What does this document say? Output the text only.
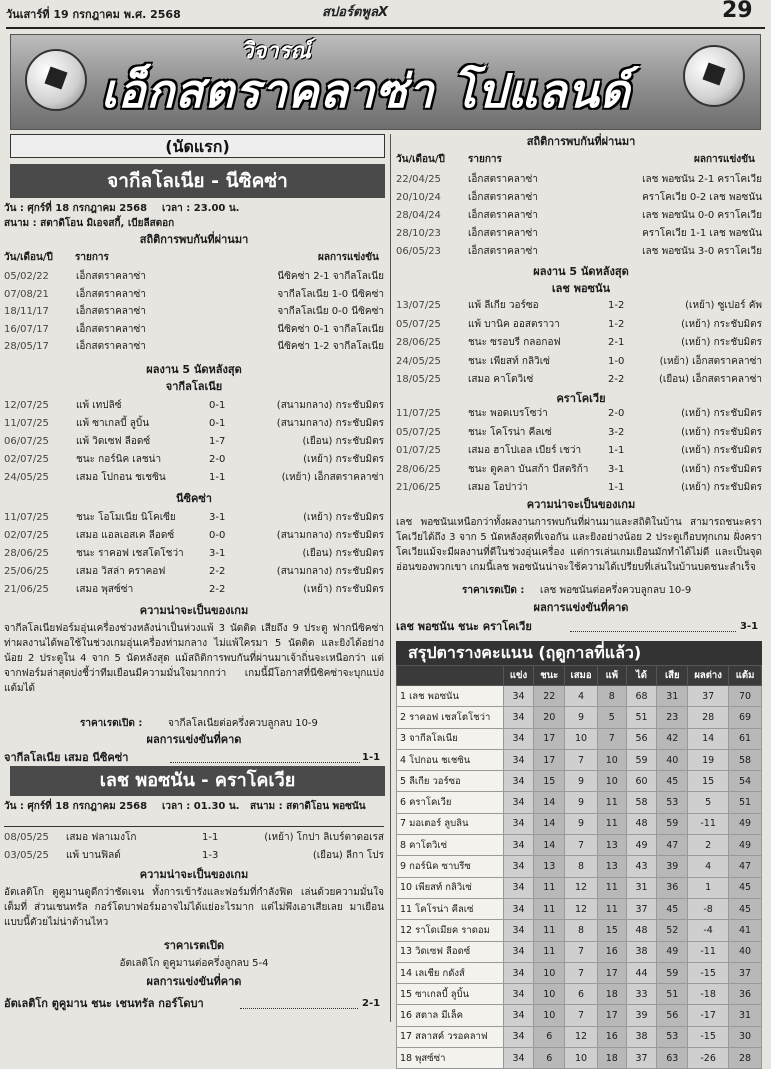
วันเสาร์ที่ 19 กรกฎาคม พ.ศ. 2568	สปอร์ตพูลX	29
วิจารณ์
เอ็กสตราคลาซ่า โปแลนด์
(นัดแรก)
จากีลโลเนีย - นีซิคซ่า
วัน : ศุกร์ที่ 18 กรกฎาคม 2568 เวลา : 23.00 น.
สนาม : สตาดิโอน มิเอจสกี้, เบียลีสตอก
สถิติการพบกันที่ผ่านมา
วัน/เดือน/ปี รายการ	ผลการแข่งขัน
05/02/22	เอ็กสตราคลาซ่า	นีซิคซ่า 2-1 จากีลโลเนีย
07/08/21	เอ็กสตราคลาซ่า	จากีลโลเนีย 1-0 นีซิคซ่า
18/11/17	เอ็กสตราคลาซ่า	จากีลโลเนีย 0-0 นีซิคซ่า
16/07/17	เอ็กสตราคลาซ่า	นีซิคซ่า 0-1 จากีลโลเนีย
28/05/17	เอ็กสตราคลาซ่า	นีซิคซ่า 1-2 จากีลโลเนีย
ผลงาน 5 นัดหลังสุด
จากีลโลเนีย
12/07/25	แพ้ เทปลิซ์	0-1	(สนามกลาง) กระชับมิตร
11/07/25	แพ้ ซาเกลบี้ ลูบิ้น	0-1	(สนามกลาง) กระชับมิตร
06/07/25	แพ้ วิดเซฟ ลีอดซ์	1-7	(เยือน) กระชับมิตร
02/07/25	ชนะ กอร์นิค เลชน่า	2-0	(เหย้า) กระชับมิตร
24/05/25	เสมอ โปกอน ชเชซิน	1-1	(เหย้า) เอ็กสตราคลาซ่า
นีซิคซ่า
11/07/25	ชนะ โอโมเนีย นิโคเซีย	3-1	(เหย้า) กระชับมิตร
02/07/25	เสมอ แอลเอสเค ลีอดซ์	0-0	(สนามกลาง) กระชับมิตร
28/06/25	ชนะ ราคอฟ เชสโตโชว่า	3-1	(เยือน) กระชับมิตร
25/06/25	เสมอ วิสล่า คราคอฟ	2-2	(สนามกลาง) กระชับมิตร
21/06/25	เสมอ พุสซ์ซ่า	2-2	(เหย้า) กระชับมิตร
ความน่าจะเป็นของเกม
จากีลโลเนียฟอร์มอุ่นเครื่องช่วงหลังน่าเป็นห่วงแพ้ 3 นัดติด เสียถึง 9 ประตู ฟากนีซิคซ่าท่าผลงานได้พอใช้ในช่วงเกมอุ่นเครื่องท่ามกลาง ไม่แพ้ใครมา 5 นัดติด และยิงได้อย่างน้อย 2 ประตูใน 4 จาก 5 นัดหลังสุด แม้สถิติการพบกันที่ผ่านมาเจ้าถิ่นจะเหนือกว่า แต่จากฟอร์มล่าสุดบ่งชี้ว่าทีมเยือนมีความมั่นใจมากกว่า เกมนี้มีโอกาสที่นีซิคซ่าจะบุกแบ่งแต้มได้
ราคาเรตเปิด :	จากีลโลเนียต่อครึ่งควบลูกลบ 10-9
ผลการแข่งขันที่คาด
จากีลโลเนีย เสมอ นีซิคซ่า	1-1
เลช พอซนัน - คราโคเวีย
วัน : ศุกร์ที่ 18 กรกฎาคม 2568 เวลา : 01.30 น. สนาม : สตาดิโอน พอซนัน
08/05/25 เสมอ ฟลาเมงโก	1-1	(เหย้า) โกปา ลิเบร์ตาดอเรส
03/05/25 แพ้ บานฟิลด์	1-3	(เยือน) ลีกา โปร
ความน่าจะเป็นของเกม
อัตเลติโก ตูคูมานดูดีกว่าชัดเจน ทั้งการเข้ารังและฟอร์มที่กำลังฟิต เล่นด้วยความมั่นใจเต็มที่ ส่วนเชนทรัล กอร์โดบาฟอร์มอาจไม่ได้แย่อะไรมาก แต่ไม่พึงเอาเสียเลย มาเยือนแบบนี้ตัวยไม่น่าต้านไหว
ราคาเรตเปิด
อัตเลติโก ตูคูมานต่อครึ่งลูกลบ 5-4
ผลการแข่งขันที่คาด
อัตเลติโก ตูคูมาน ชนะ เชนทรัล กอร์โดบา	2-1
สถิติการพบกันที่ผ่านมา
วัน/เดือน/ปี รายการ	ผลการแข่งขัน
22/04/25	เอ็กสตราคลาซ่า	เลช พอซนัน 2-1 คราโคเวีย
20/10/24	เอ็กสตราคลาซ่า	คราโคเวีย 0-2 เลช พอซนัน
28/04/24	เอ็กสตราคลาซ่า	เลช พอซนัน 0-0 คราโคเวีย
28/10/23	เอ็กสตราคลาซ่า	คราโคเวีย 1-1 เลช พอซนัน
06/05/23	เอ็กสตราคลาซ่า	เลช พอซนัน 3-0 คราโคเวีย
ผลงาน 5 นัดหลังสุด
เลช พอซนัน
13/07/25	แพ้ ลีเกีย วอร์ซอ	1-2	(เหย้า) ซูเปอร์ คัพ
05/07/25	แพ้ บานิค ออสตราวา	1-2	(เหย้า) กระชับมิตร
28/06/25	ชนะ ซรอบรี กลอกอฟ	2-1	(เหย้า) กระชับมิตร
24/05/25	ชนะ เพียสท์ กลิวิเซ่	1-0	(เหย้า) เอ็กสตราคลาซ่า
18/05/25	เสมอ คาโตวิเซ่	2-2	(เยือน) เอ็กสตราคลาซ่า
คราโคเวีย
11/07/25	ชนะ พอดเบรโซว่า	2-0	(เหย้า) กระชับมิตร
05/07/25	ชนะ โคโรน่า คีลเซ่	3-2	(เหย้า) กระชับมิตร
01/07/25	เสมอ ฮาโปเอล เบียร์ เชว่า	1-1	(เหย้า) กระชับมิตร
28/06/25	ชนะ ดูคลา บันสก้า บีสตริก้า 3-1	(เหย้า) กระชับมิตร
21/06/25	เสมอ โอปาว่า	1-1	(เหย้า) กระชับมิตร
ความน่าจะเป็นของเกม
เลช พอซนันเหนือกว่าทั้งผลงานการพบกันที่ผ่านมาและสถิติในบ้าน สามารถชนะคราโคเวียได้ถึง 3 จาก 5 นัดหลังสุดที่เจอกัน และยิงอย่างน้อย 2 ประตูเกือบทุกเกม ฝั่งคราโคเวียแม้จะมีผลงานที่ดีในช่วงอุ่นเครื่อง แต่การเล่นเกมเยือนมักทำได้ไม่ดี และเป็นจุดอ่อนของพวกเขา เกมนี้เลช พอซนันน่าจะใช้ความได้เปรียบที่เล่นในบ้านบดชนะลำเร็จ
ราคาเรตเปิด : เลช พอซนันต่อครึ่งควบลูกลบ 10-9
ผลการแข่งขันที่คาด
เลช พอซนัน ชนะ คราโคเวีย	3-1
สรุปตารางคะแนน (ฤดูกาลที่แล้ว)
	แข่ง	ชนะ	เสมอ	แพ้	ได้	เสีย	ผลต่าง	แต้ม
1 เลช พอซนัน	34	22	4	8	68	31	37	70
2 ราคอฟ เชสโตโชว่า	34	20	9	5	51	23	28	69
3 จากีลโลเนีย	34	17	10	7	56	42	14	61
4 โปกอน ชเชซิน	34	17	7	10	59	40	19	58
5 ลีเกีย วอร์ซอ	34	15	9	10	60	45	15	54
6 คราโคเวีย	34	14	9	11	58	53	5	51
7 มอเตอร์ ลูบลิน	34	14	9	11	48	59	-11	49
8 คาโตวิเซ่	34	14	7	13	49	47	2	49
9 กอร์นิค ซาบรีซ	34	13	8	13	43	39	4	47
10 เพียสท์ กลิวิเซ่	34	11	12	11	31	36	1	45
11 โคโรน่า คีลเซ่	34	11	12	11	37	45	-8	45
12 ราโดเมียค ราดอม	34	11	8	15	48	52	-4	41
13 วิดเซฟ ลีอดซ์	34	11	7	16	38	49	-11	40
14 เลเชีย กดังส์	34	10	7	17	44	59	-15	37
15 ซาเกลบี้ ลูบิ้น	34	10	6	18	33	51	-18	36
16 สตาล มีเล็ค	34	10	7	17	39	56	-17	31
17 สลาสค์ วรอคลาฟ	34	6	12	16	38	53	-15	30
18 พุสซ์ซ่า	34	6	10	18	37	63	-26	28
